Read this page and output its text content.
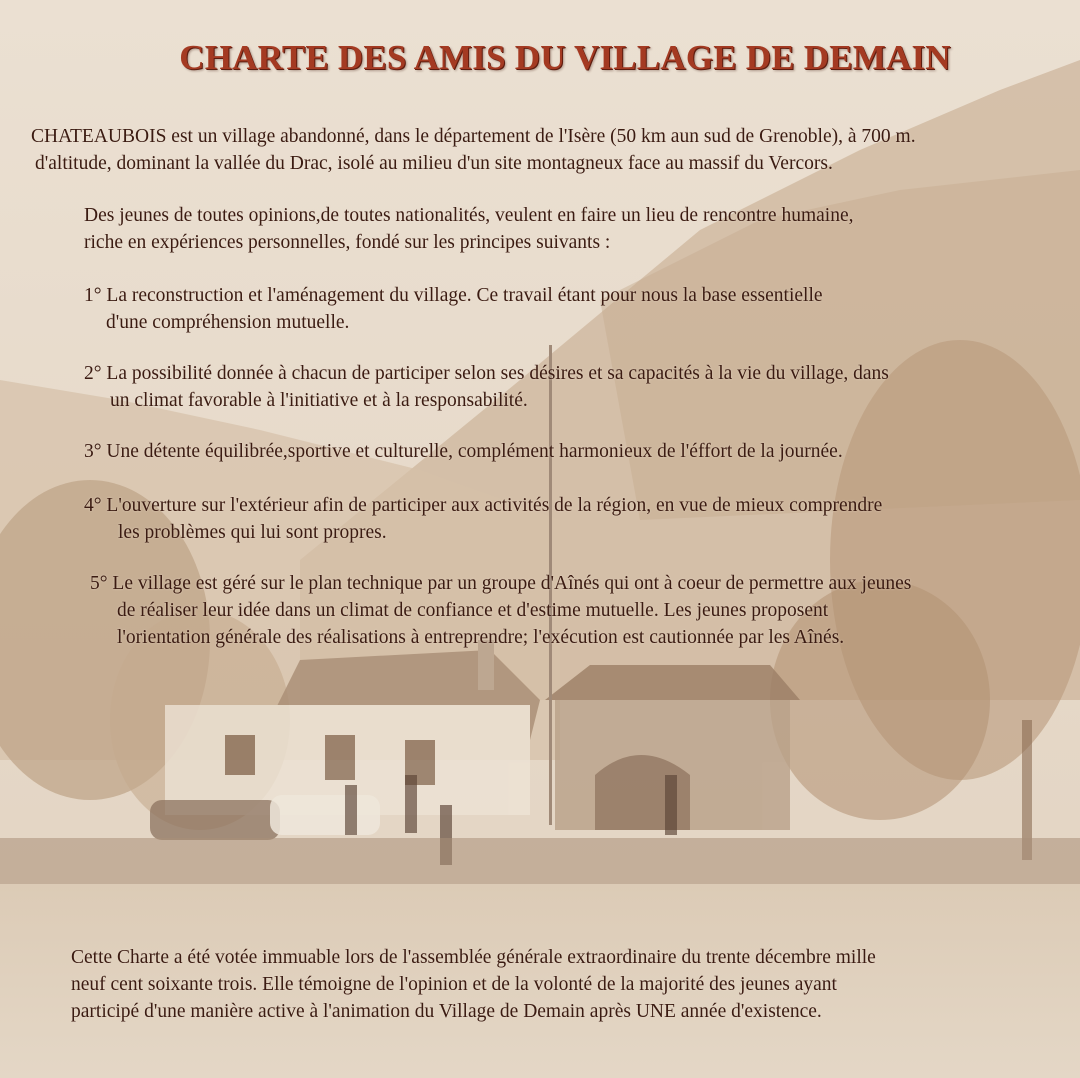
CHARTE DES AMIS DU VILLAGE DE DEMAIN

CHATEAUBOIS est un village abandonné, dans le département de l'Isère (50 km aun sud de Grenoble), à 700 m.
d'altitude, dominant la vallée du Drac, isolé au milieu d'un site montagneux face au massif du Vercors.

Des jeunes de toutes opinions,de toutes nationalités, veulent en faire un lieu de rencontre humaine,
riche en expériences personnelles, fondé sur les principes suivants :

1° La reconstruction et l'aménagement du village. Ce travail étant pour nous la base essentielle
d'une compréhension mutuelle.

2° La possibilité donnée à chacun de participer selon ses désires et sa capacités à la vie du village, dans
un climat favorable à l'initiative et à la responsabilité.

3° Une détente équilibrée,sportive et culturelle, complément harmonieux de l'éffort de la journée.

4° L'ouverture sur l'extérieur afin de participer aux activités de la région, en vue de mieux comprendre
les problèmes qui lui sont propres.

5° Le village est géré sur le plan technique par un groupe d'Aînés qui ont à coeur de permettre aux jeunes
de réaliser leur idée dans un climat de confiance et d'estime mutuelle. Les jeunes proposent
l'orientation générale des réalisations à entreprendre; l'exécution est cautionnée par les Aînés.

Cette Charte a été votée immuable lors de l'assemblée générale extraordinaire du trente décembre mille
neuf cent soixante trois. Elle témoigne de l'opinion et de la volonté de la majorité des jeunes ayant
participé d'une manière active à l'animation du Village de Demain après UNE année d'existence.
